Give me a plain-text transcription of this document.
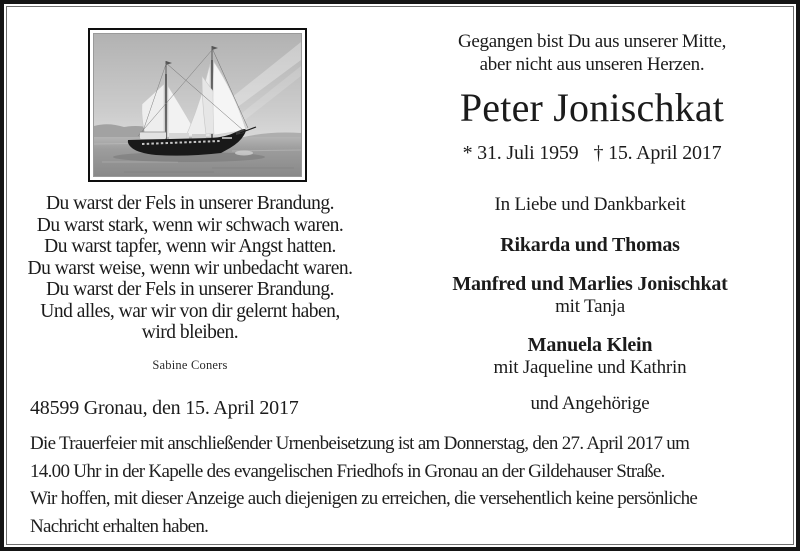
Gegangen bist Du aus unserer Mitte,
aber nicht aus unseren Herzen.
Peter Jonischkat
* 31. Juli 1959 † 15. April 2017
Du warst der Fels in unserer Brandung.
Du warst stark, wenn wir schwach waren.
Du warst tapfer, wenn wir Angst hatten.
Du warst weise, wenn wir unbedacht waren.
Du warst der Fels in unserer Brandung.
Und alles, war wir von dir gelernt haben,
wird bleiben.
Sabine Coners
In Liebe und Dankbarkeit
Rikarda und Thomas
Manfred und Marlies Jonischkat
mit Tanja
Manuela Klein
mit Jaqueline und Kathrin
und Angehörige
48599 Gronau, den 15. April 2017
Die Trauerfeier mit anschließender Urnenbeisetzung ist am Donnerstag, den 27. April 2017 um
14.00 Uhr in der Kapelle des evangelischen Friedhofs in Gronau an der Gildehauser Straße.
Wir hoffen, mit dieser Anzeige auch diejenigen zu erreichen, die versehentlich keine persönliche
Nachricht erhalten haben.
